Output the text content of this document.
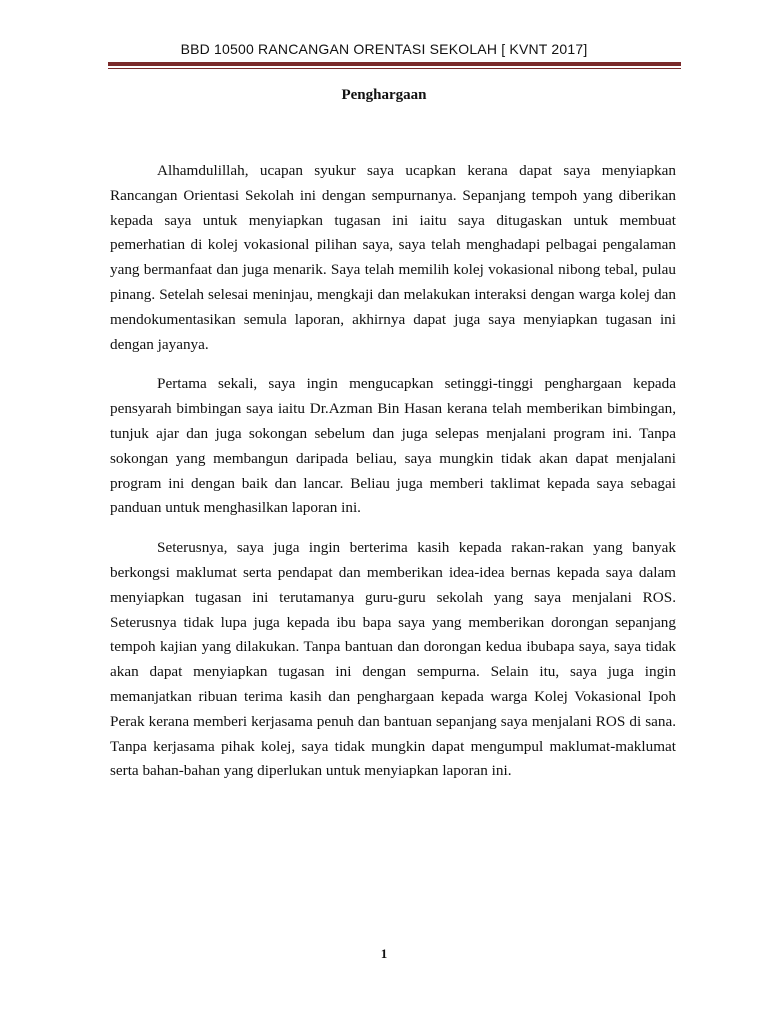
BBD 10500 RANCANGAN ORENTASI SEKOLAH [ KVNT 2017]
Penghargaan

Alhamdulillah, ucapan syukur saya ucapkan kerana dapat saya menyiapkan Rancangan Orientasi Sekolah ini dengan sempurnanya. Sepanjang tempoh yang diberikan kepada saya untuk menyiapkan tugasan ini iaitu saya ditugaskan untuk membuat pemerhatian di kolej vokasional pilihan saya, saya telah menghadapi pelbagai pengalaman yang bermanfaat dan juga menarik. Saya telah memilih kolej vokasional nibong tebal, pulau pinang. Setelah selesai meninjau, mengkaji dan melakukan interaksi dengan warga kolej dan mendokumentasikan semula laporan, akhirnya dapat juga saya menyiapkan tugasan ini dengan jayanya.

Pertama sekali, saya ingin mengucapkan setinggi-tinggi penghargaan kepada pensyarah bimbingan saya iaitu Dr.Azman Bin Hasan kerana telah memberikan bimbingan, tunjuk ajar dan juga sokongan sebelum dan juga selepas menjalani program ini. Tanpa sokongan yang membangun daripada beliau, saya mungkin tidak akan dapat menjalani program ini dengan baik dan lancar. Beliau juga memberi taklimat kepada saya sebagai panduan untuk menghasilkan laporan ini.

Seterusnya, saya juga ingin berterima kasih kepada rakan-rakan yang banyak berkongsi maklumat serta pendapat dan memberikan idea-idea bernas kepada saya dalam menyiapkan tugasan ini terutamanya guru-guru sekolah yang saya menjalani ROS. Seterusnya tidak lupa juga kepada ibu bapa saya yang memberikan dorongan sepanjang tempoh kajian yang dilakukan. Tanpa bantuan dan dorongan kedua ibubapa saya, saya tidak akan dapat menyiapkan tugasan ini dengan sempurna. Selain itu, saya juga ingin memanjatkan ribuan terima kasih dan penghargaan kepada warga Kolej Vokasional Ipoh Perak kerana memberi kerjasama penuh dan bantuan sepanjang saya menjalani ROS di sana. Tanpa kerjasama pihak kolej, saya tidak mungkin dapat mengumpul maklumat-maklumat serta bahan-bahan yang diperlukan untuk menyiapkan laporan ini.

1
